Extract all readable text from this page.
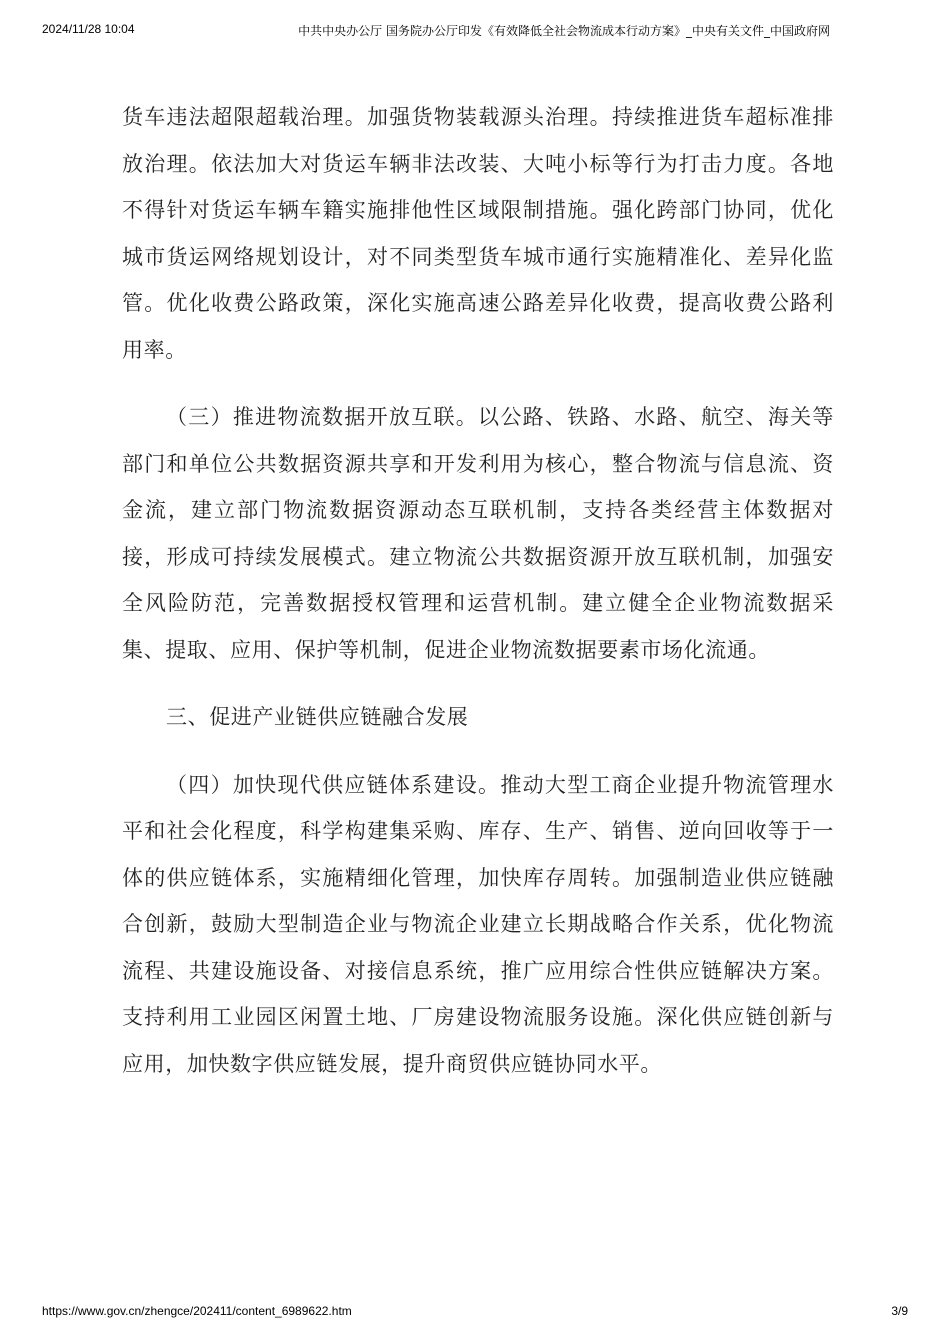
2024/11/28 10:04	中共中央办公厅 国务院办公厅印发《有效降低全社会物流成本行动方案》_中央有关文件_中国政府网

货车违法超限超载治理。加强货物装载源头治理。持续推进货车超标准排放治理。依法加大对货运车辆非法改装、大吨小标等行为打击力度。各地不得针对货运车辆车籍实施排他性区域限制措施。强化跨部门协同，优化城市货运网络规划设计，对不同类型货车城市通行实施精准化、差异化监管。优化收费公路政策，深化实施高速公路差异化收费，提高收费公路利用率。

（三）推进物流数据开放互联。以公路、铁路、水路、航空、海关等部门和单位公共数据资源共享和开发利用为核心，整合物流与信息流、资金流，建立部门物流数据资源动态互联机制，支持各类经营主体数据对接，形成可持续发展模式。建立物流公共数据资源开放互联机制，加强安全风险防范，完善数据授权管理和运营机制。建立健全企业物流数据采集、提取、应用、保护等机制，促进企业物流数据要素市场化流通。

三、促进产业链供应链融合发展

（四）加快现代供应链体系建设。推动大型工商企业提升物流管理水平和社会化程度，科学构建集采购、库存、生产、销售、逆向回收等于一体的供应链体系，实施精细化管理，加快库存周转。加强制造业供应链融合创新，鼓励大型制造企业与物流企业建立长期战略合作关系，优化物流流程、共建设施设备、对接信息系统，推广应用综合性供应链解决方案。支持利用工业园区闲置土地、厂房建设物流服务设施。深化供应链创新与应用，加快数字供应链发展，提升商贸供应链协同水平。

https://www.gov.cn/zhengce/202411/content_6989622.htm	3/9
